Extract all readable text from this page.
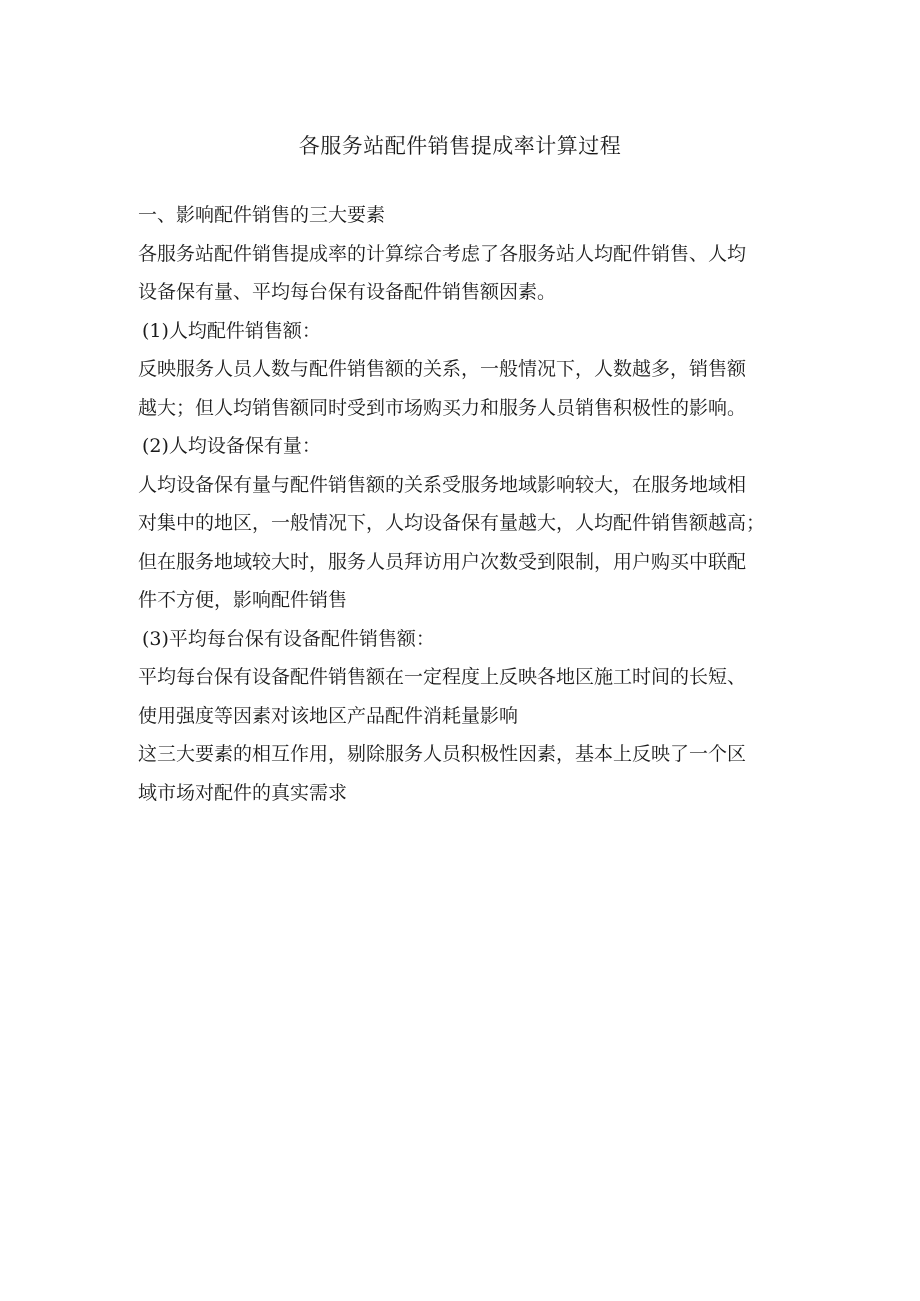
各服务站配件销售提成率计算过程
一、影响配件销售的三大要素
各服务站配件销售提成率的计算综合考虑了各服务站人均配件销售、人均
设备保有量、平均每台保有设备配件销售额因素。
(1)人均配件销售额：
反映服务人员人数与配件销售额的关系，一般情况下，人数越多，销售额
越大；但人均销售额同时受到市场购买力和服务人员销售积极性的影响。
(2)人均设备保有量：
人均设备保有量与配件销售额的关系受服务地域影响较大，在服务地域相
对集中的地区，一般情况下，人均设备保有量越大，人均配件销售额越高；
但在服务地域较大时，服务人员拜访用户次数受到限制，用户购买中联配
件不方便，影响配件销售
(3)平均每台保有设备配件销售额：
平均每台保有设备配件销售额在一定程度上反映各地区施工时间的长短、
使用强度等因素对该地区产品配件消耗量影响
这三大要素的相互作用，剔除服务人员积极性因素，基本上反映了一个区
域市场对配件的真实需求
